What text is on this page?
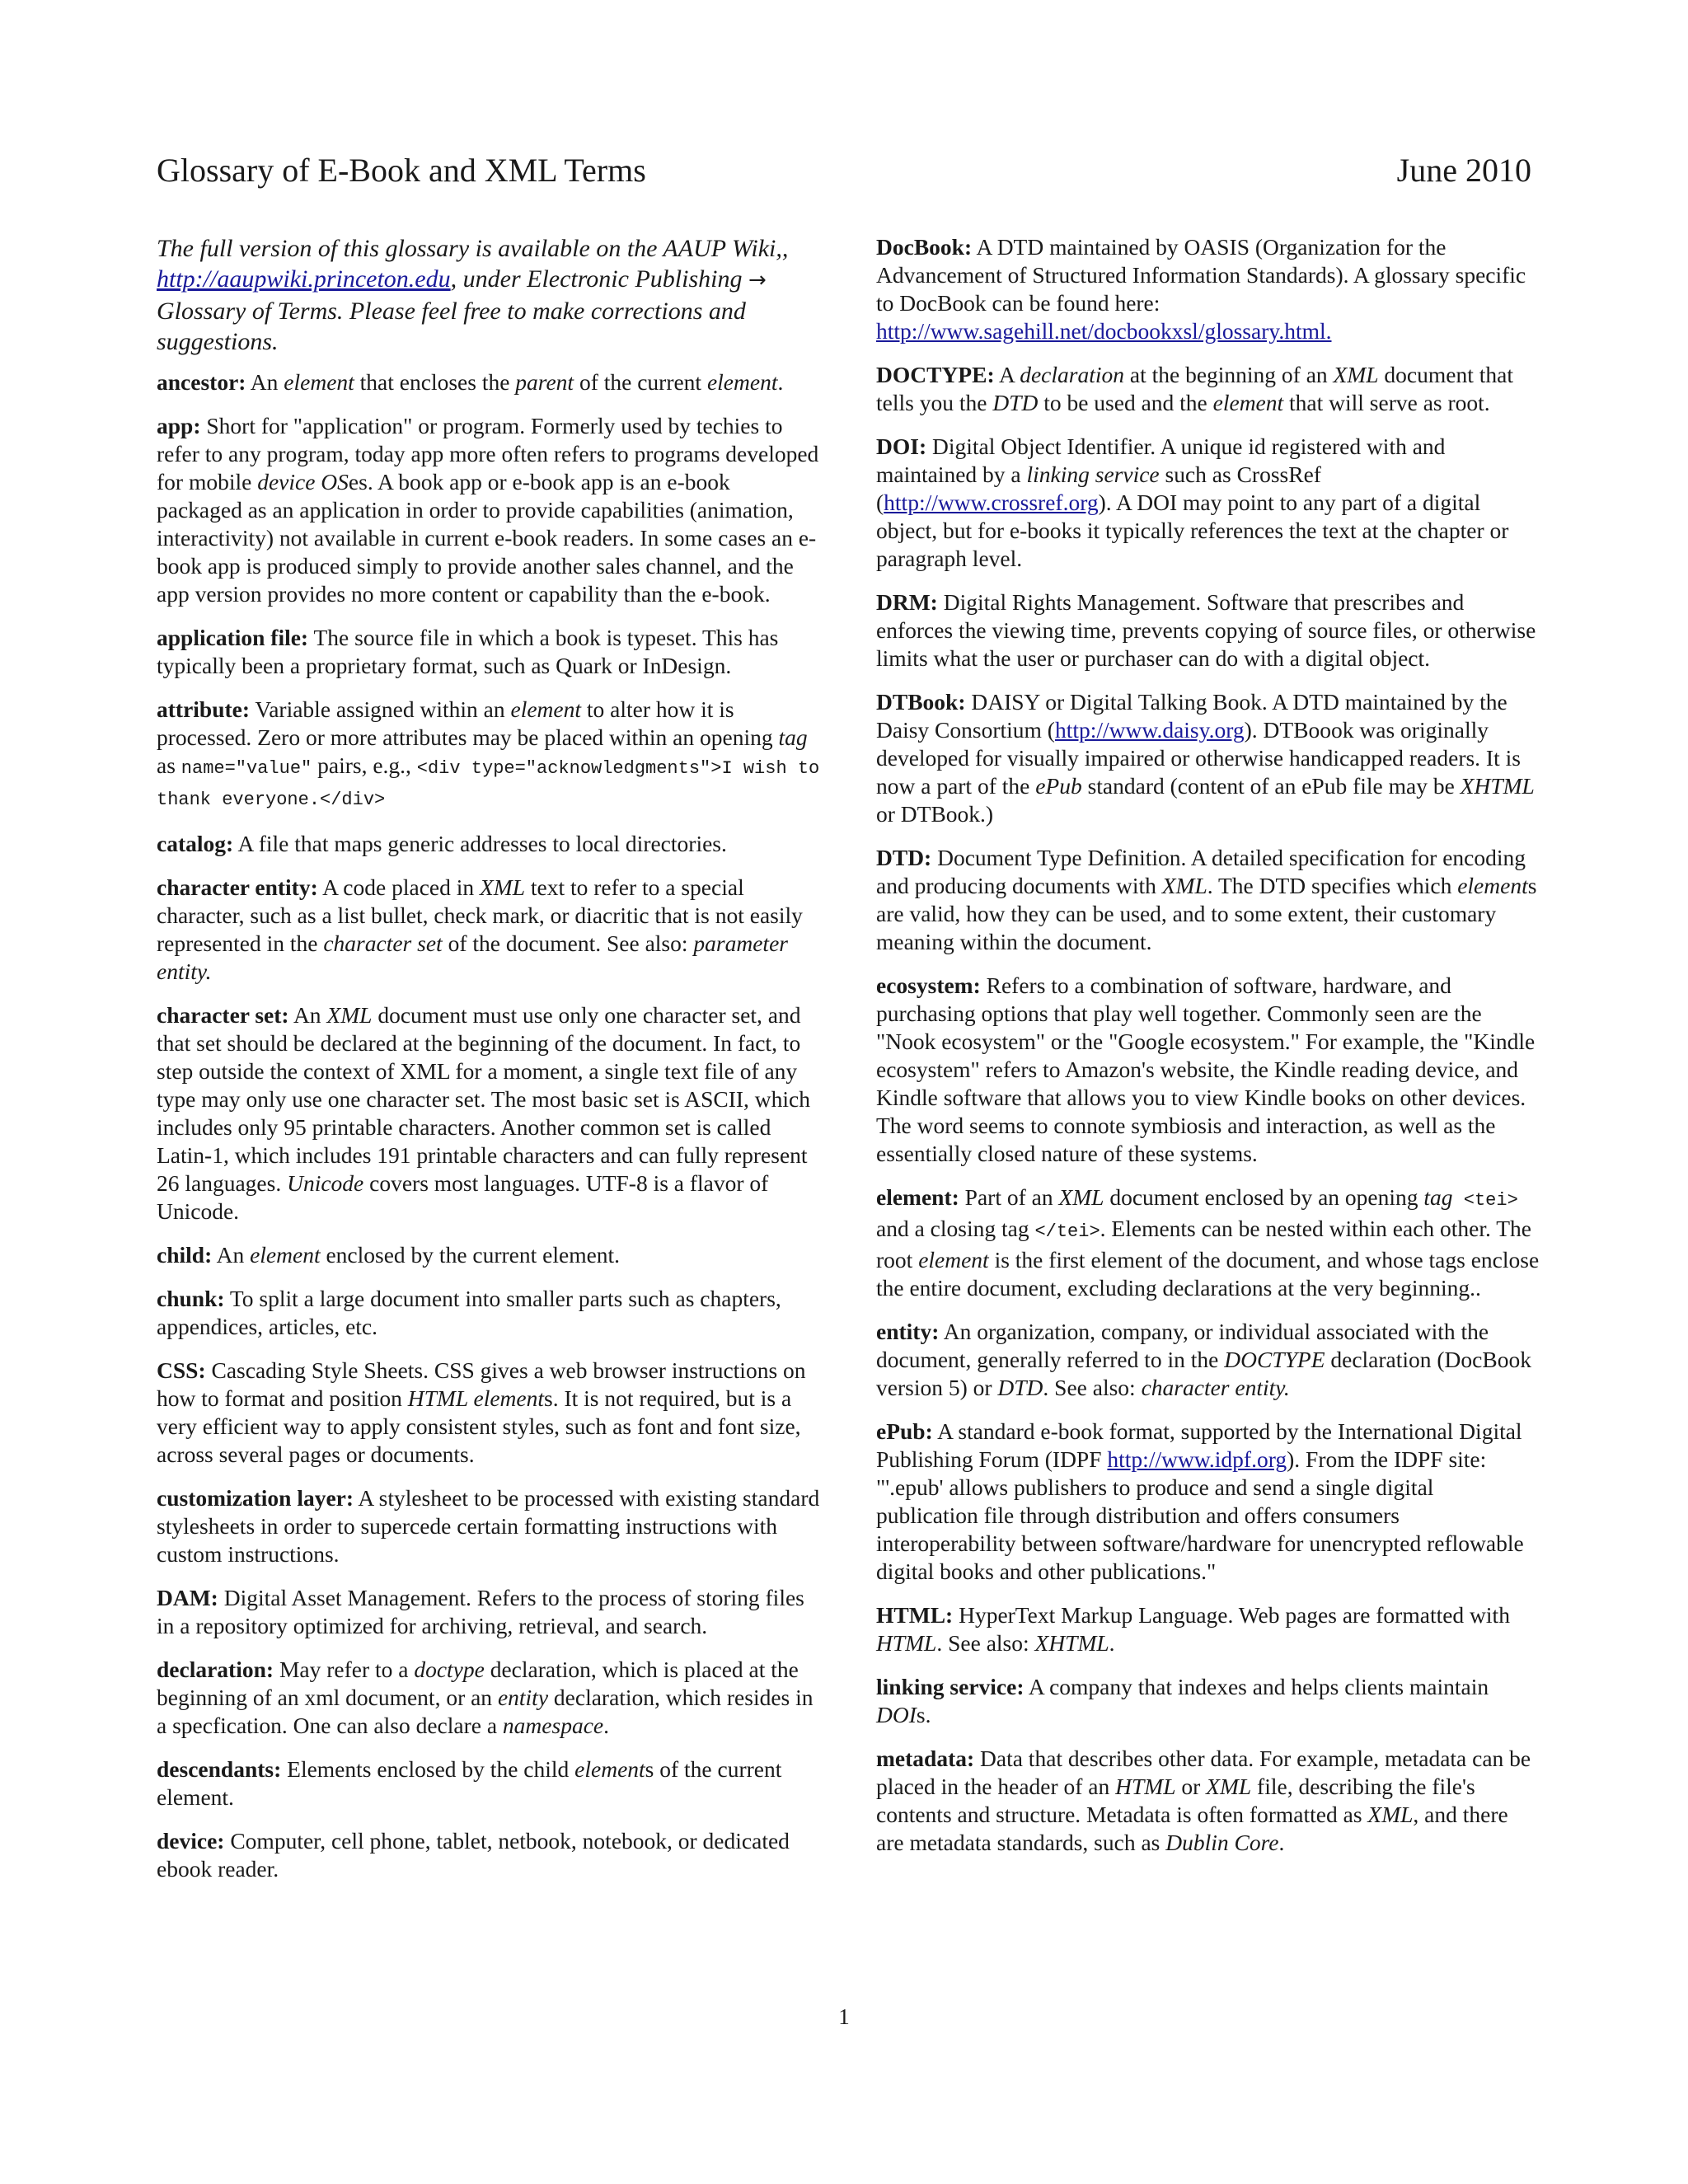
Glossary of E-Book and XML Terms	June 2010

The full version of this glossary is available on the AAUP Wiki,, http://aaupwiki.princeton.edu, under Electronic Publishing → Glossary of Terms. Please feel free to make corrections and suggestions.

ancestor: An element that encloses the parent of the current element.

app: Short for "application" or program. Formerly used by techies to refer to any program, today app more often refers to programs developed for mobile device OSes. A book app or e-book app is an e-book packaged as an application in order to provide capabilities (animation, interactivity) not available in current e-book readers. In some cases an e-book app is produced simply to provide another sales channel, and the app version provides no more content or capability than the e-book.

application file: The source file in which a book is typeset. This has typically been a proprietary format, such as Quark or InDesign.

attribute: Variable assigned within an element to alter how it is processed. Zero or more attributes may be placed within an opening tag as name="value" pairs, e.g., <div type="acknowledgments">I wish to thank everyone.</div>

catalog: A file that maps generic addresses to local directories.

character entity: A code placed in XML text to refer to a special character, such as a list bullet, check mark, or diacritic that is not easily represented in the character set of the document. See also: parameter entity.

character set: An XML document must use only one character set, and that set should be declared at the beginning of the document. In fact, to step outside the context of XML for a moment, a single text file of any type may only use one character set. The most basic set is ASCII, which includes only 95 printable characters. Another common set is called Latin-1, which includes 191 printable characters and can fully represent 26 languages. Unicode covers most languages. UTF-8 is a flavor of Unicode.

child: An element enclosed by the current element.

chunk: To split a large document into smaller parts such as chapters, appendices, articles, etc.

CSS: Cascading Style Sheets. CSS gives a web browser instructions on how to format and position HTML elements. It is not required, but is a very efficient way to apply consistent styles, such as font and font size, across several pages or documents.

customization layer: A stylesheet to be processed with existing standard stylesheets in order to supercede certain formatting instructions with custom instructions.

DAM: Digital Asset Management. Refers to the process of storing files in a repository optimized for archiving, retrieval, and search.

declaration: May refer to a doctype declaration, which is placed at the beginning of an xml document, or an entity declaration, which resides in a specfication. One can also declare a namespace.

descendants: Elements enclosed by the child elements of the current element.

device: Computer, cell phone, tablet, netbook, notebook, or dedicated ebook reader.

DocBook: A DTD maintained by OASIS (Organization for the Advancement of Structured Information Standards). A glossary specific to DocBook can be found here: http://www.sagehill.net/docbookxsl/glossary.html.

DOCTYPE: A declaration at the beginning of an XML document that tells you the DTD to be used and the element that will serve as root.

DOI: Digital Object Identifier. A unique id registered with and maintained by a linking service such as CrossRef (http://www.crossref.org). A DOI may point to any part of a digital object, but for e-books it typically references the text at the chapter or paragraph level.

DRM: Digital Rights Management. Software that prescribes and enforces the viewing time, prevents copying of source files, or otherwise limits what the user or purchaser can do with a digital object.

DTBook: DAISY or Digital Talking Book. A DTD maintained by the Daisy Consortium (http://www.daisy.org). DTBoook was originally developed for visually impaired or otherwise handicapped readers. It is now a part of the ePub standard (content of an ePub file may be XHTML or DTBook.)

DTD: Document Type Definition. A detailed specification for encoding and producing documents with XML. The DTD specifies which elements are valid, how they can be used, and to some extent, their customary meaning within the document.

ecosystem: Refers to a combination of software, hardware, and purchasing options that play well together. Commonly seen are the "Nook ecosystem" or the "Google ecosystem." For example, the "Kindle ecosystem" refers to Amazon's website, the Kindle reading device, and Kindle software that allows you to view Kindle books on other devices. The word seems to connote symbiosis and interaction, as well as the essentially closed nature of these systems.

element: Part of an XML document enclosed by an opening tag <tei> and a closing tag </tei>. Elements can be nested within each other. The root element is the first element of the document, and whose tags enclose the entire document, excluding declarations at the very beginning..

entity: An organization, company, or individual associated with the document, generally referred to in the DOCTYPE declaration (DocBook version 5) or DTD. See also: character entity.

ePub: A standard e-book format, supported by the International Digital Publishing Forum (IDPF http://www.idpf.org). From the IDPF site: "'.epub' allows publishers to produce and send a single digital publication file through distribution and offers consumers interoperability between software/hardware for unencrypted reflowable digital books and other publications."

HTML: HyperText Markup Language. Web pages are formatted with HTML. See also: XHTML.

linking service: A company that indexes and helps clients maintain DOIs.

metadata: Data that describes other data. For example, metadata can be placed in the header of an HTML or XML file, describing the file's contents and structure. Metadata is often formatted as XML, and there are metadata standards, such as Dublin Core.

1
